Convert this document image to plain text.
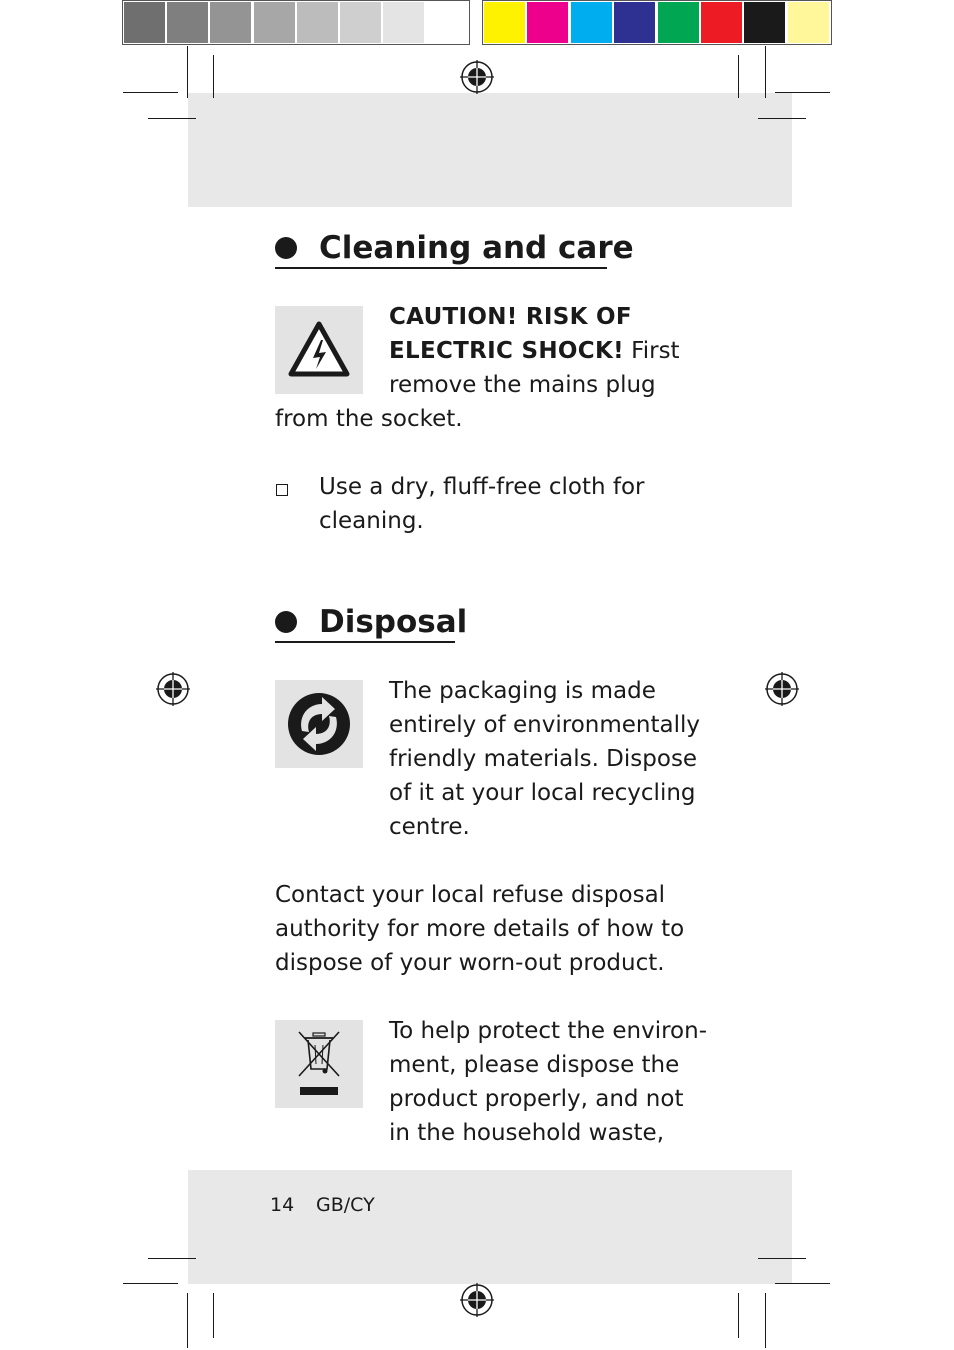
Cleaning and care
CAUTION! RISK OF
ELECTRIC SHOCK! First
remove the mains plug
from the socket.
Use a dry, fluff-free cloth for
cleaning.
Disposal
The packaging is made
entirely of environmentally
friendly materials. Dispose
of it at your local recycling
centre.
Contact your local refuse disposal
authority for more details of how to
dispose of your worn-out product.
To help protect the environ-
ment, please dispose the
product properly, and not
in the household waste,
14 GB/CY
